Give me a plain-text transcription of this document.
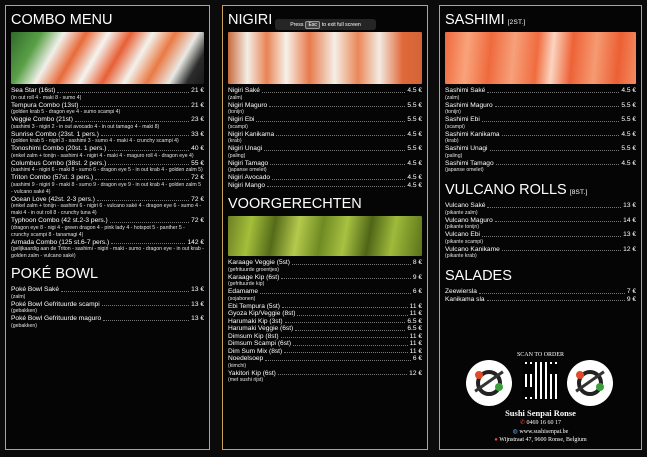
COMBO MENU
Sea Star (16st)	21 €
(in out roll 4 - maki 8 - sumo 4)
Tempura Combo (13st)	21 €
(golden krab 5 - dragon eye 4 - sumo scampi 4)
Veggie Combo (21st)	23 €
(sashimi 3 - nigiri 2 - in out avocado 4 - in out tamago 4 - maki 8)
Sunrise Combo (23st. 1 pers.)	33 €
(golden krab 5 - nigiri 3 - sashimi 3 - sumo 4 - maki 4 - crunchy scampi 4)
Tonoshimi Combo (20st. 1 pers.)	40 €
(enkel zalm + tonijn - sashimi 4 - nigiri 4 - maki 4 - maguro roll 4 - dragon eye 4)
Columbus Combo (38st. 2 pers.)	55 €
(sashimi 4 - nigiri 6 - maki 8 - sumo 6 - dragon eye 5 - in out krab 4 - golden zalm 5)
Triton Combo (57st. 3 pers.)	72 €
(sashimi 9 - nigiri 9 - maki 8 - sumo 9 - dragon eye 9 - in out krab 4 - golden zalm 5 - vulcano saké 4)
Ocean Love (42st. 2-3 pers.)	72 €
(enkel zalm + tonijn - sashimi 6 - nigiri 6 - vulcano saké 4 - dragon eye 6 - sumo 4 - maki 4 - in out roll 8 - crunchy tuna 4)
Typhoon Combo (42 st.2-3 pers.)	72 €
(dragon eye 8 - nigi 4 - green dragon 4 - pink lady 4 - hotspot 5 - panther 5 - crunchy scampi 8 - tanamagi 4)
Armada Combo (125 st.6-7 pers.)	142 €
(gelijkaardig aan de Triton - sashimi - nigiri - maki - sumo - dragon eye - in out krab - golden zalm - vulcano saké)
POKÉ BOWL
Poké Bowl Saké	13 €
(zalm)
Poké Bowl Gefrituurde scampi	13 €
(gebakken)
Poké Bowl Gefrituurde maguro	13 €
(gebakken)
NIGIRI
Nigiri Saké	4.5 €
(zalm)
Nigiri Maguro	5.5 €
(tonijn)
Nigiri Ebi	5.5 €
(scampi)
Nigiri Kanikama	4.5 €
(krab)
Nigiri Unagi	5.5 €
(paling)
Nigiri Tamago	4.5 €
(japanse omelet)
Nigiri Avocado	4.5 €
Nigiri Mango	4.5 €
VOORGERECHTEN
Karaage Veggie (5st)	8 €
(gefrituurde groentjes)
Karaage Kip (6st)	9 €
(gefrituurde kip)
Edamame	6 €
(sojabonen)
Ebi Tempura (5st)	11 €
Gyoza Kip/Veggie (8st)	11 €
Harumaki Kip (3st)	6.5 €
Harumaki Veggie (6st)	6.5 €
Dimsum Kip (8st)	11 €
Dimsum Scampi (6st)	11 €
Dim Sum Mix (8st)	11 €
Noedelsoep	6 €
(kimchi)
Yakitori Kip (6st)	12 €
(met sushi rijst)
SASHIMI [2ST.]
Sashimi Saké	4.5 €
(zalm)
Sashimi Maguro	5.5 €
(tonijn)
Sashimi Ebi	5.5 €
(scampi)
Sashimi Kanikama	4.5 €
(krab)
Sashimi Unagi	5.5 €
(paling)
Sashimi Tamago	4.5 €
(japanse omelet)
VULCANO ROLLS [8ST.]
Vulcano Saké	13 €
(pikante zalm)
Vulcano Maguro	14 €
(pikante tonijn)
Vulcano Ebi	13 €
(pikante scampi)
Vulcano Kanikame	12 €
(pikante krab)
SALADES
Zeewiersla	7 €
Kanikama sla	9 €
SCAN TO ORDER
Sushi Senpai Ronse
✆ 0469 16 60 17
◍ www.sushisenpai.be
● Wijnstraat 47, 9600 Ronse, Belgium
Press	Esc to exit full screen
